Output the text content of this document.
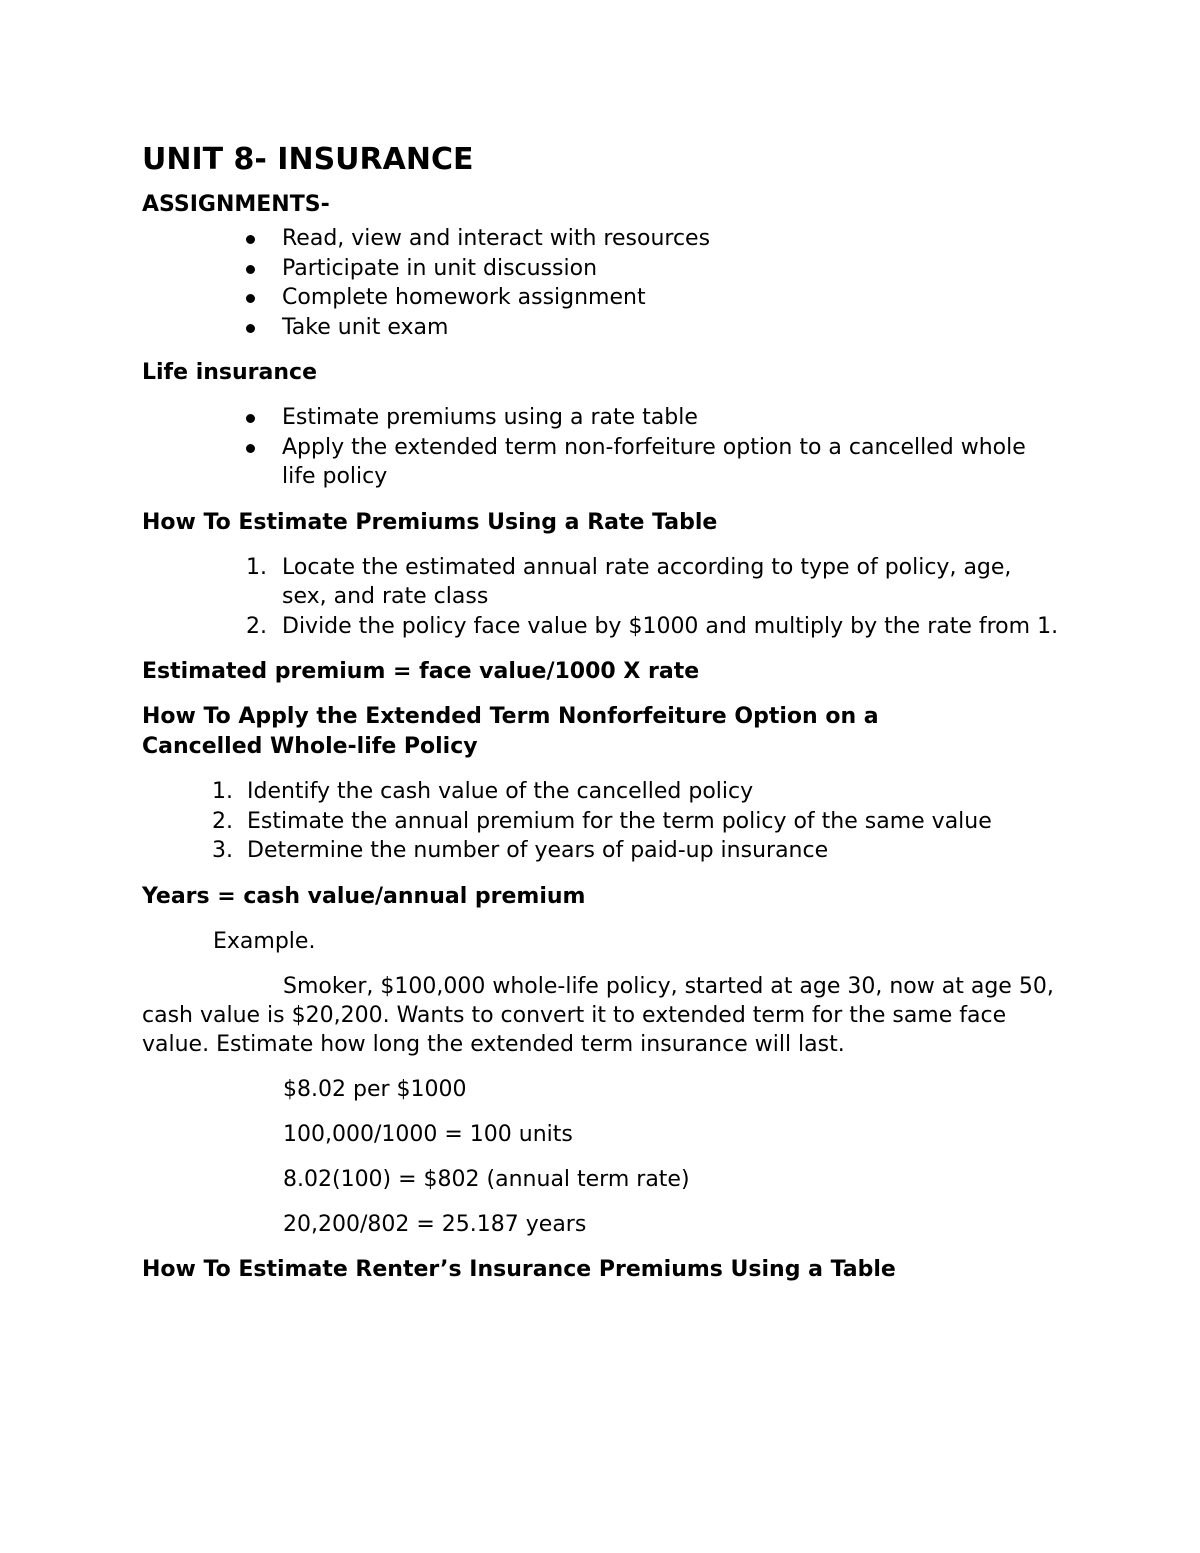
UNIT 8- INSURANCE
ASSIGNMENTS-
Read, view and interact with resources
Participate in unit discussion
Complete homework assignment
Take unit exam
Life insurance
Estimate premiums using a rate table
Apply the extended term non-forfeiture option to a cancelled whole life policy
How To Estimate Premiums Using a Rate Table
1. Locate the estimated annual rate according to type of policy, age, sex, and rate class
2. Divide the policy face value by $1000 and multiply by the rate from 1.
Estimated premium = face value/1000 X rate
How To Apply the Extended Term Nonforfeiture Option on a
Cancelled Whole-life Policy
1. Identify the cash value of the cancelled policy
2. Estimate the annual premium for the term policy of the same value
3. Determine the number of years of paid-up insurance
Years = cash value/annual premium
Example.
Smoker, $100,000 whole-life policy, started at age 30, now at age 50, cash value is $20,200. Wants to convert it to extended term for the same face value. Estimate how long the extended term insurance will last.
$8.02 per $1000
100,000/1000 = 100 units
8.02(100) = $802 (annual term rate)
20,200/802 = 25.187 years
How To Estimate Renter’s Insurance Premiums Using a Table
